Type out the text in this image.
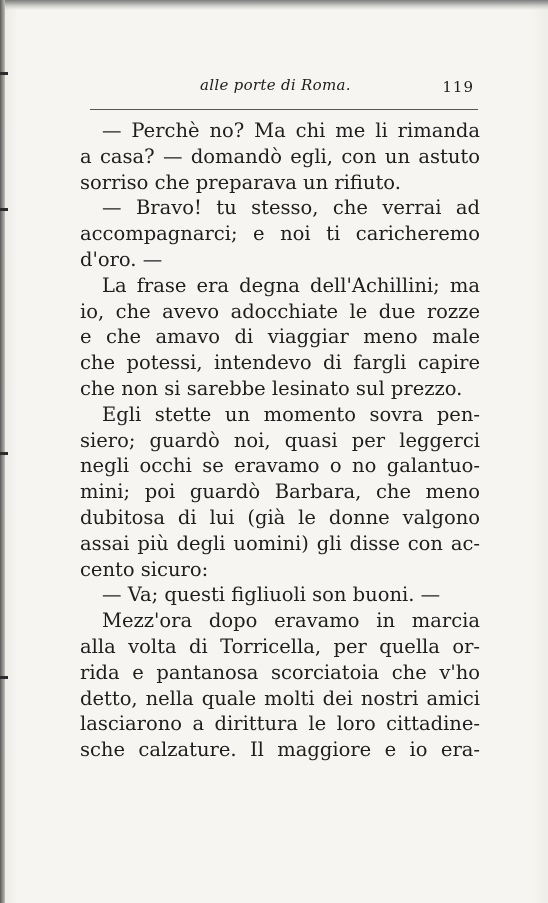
alle porte di Roma.	119
— Perchè no? Ma chi me li rimanda
a casa? — domandò egli, con un astuto
sorriso che preparava un rifiuto.
— Bravo! tu stesso, che verrai ad
accompagnarci; e noi ti caricheremo
d'oro. —
La frase era degna dell'Achillini; ma
io, che avevo adocchiate le due rozze
e che amavo di viaggiar meno male
che potessi, intendevo di fargli capire
che non si sarebbe lesinato sul prezzo.
Egli stette un momento sovra pen-
siero; guardò noi, quasi per leggerci
negli occhi se eravamo o no galantuo-
mini; poi guardò Barbara, che meno
dubitosa di lui (già le donne valgono
assai più degli uomini) gli disse con ac-
cento sicuro:
— Va; questi figliuoli son buoni. —
Mezz'ora dopo eravamo in marcia
alla volta di Torricella, per quella or-
rida e pantanosa scorciatoia che v'ho
detto, nella quale molti dei nostri amici
lasciarono a dirittura le loro cittadine-
sche calzature. Il maggiore e io era-
